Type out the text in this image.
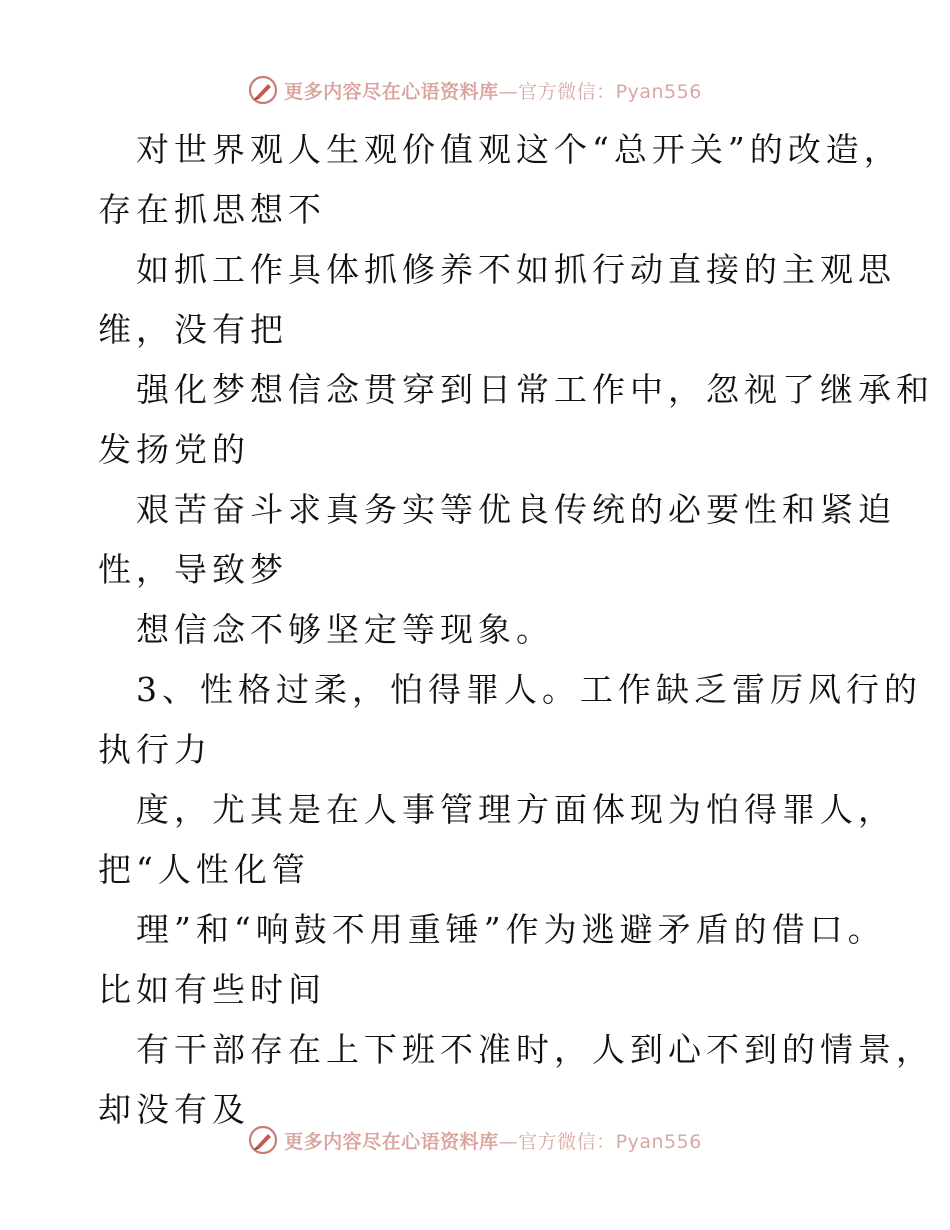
更多内容尽在心语资料库—官方微信：Pyan556
对世界观人生观价值观这个“总开关”的改造，
存在抓思想不
如抓工作具体抓修养不如抓行动直接的主观思
维，没有把
强化梦想信念贯穿到日常工作中，忽视了继承和
发扬党的
艰苦奋斗求真务实等优良传统的必要性和紧迫
性，导致梦
想信念不够坚定等现象。
3、性格过柔，怕得罪人。工作缺乏雷厉风行的
执行力
度，尤其是在人事管理方面体现为怕得罪人，
把“人性化管
理”和“响鼓不用重锤”作为逃避矛盾的借口。
比如有些时间
有干部存在上下班不准时，人到心不到的情景，
却没有及
更多内容尽在心语资料库—官方微信：Pyan556
